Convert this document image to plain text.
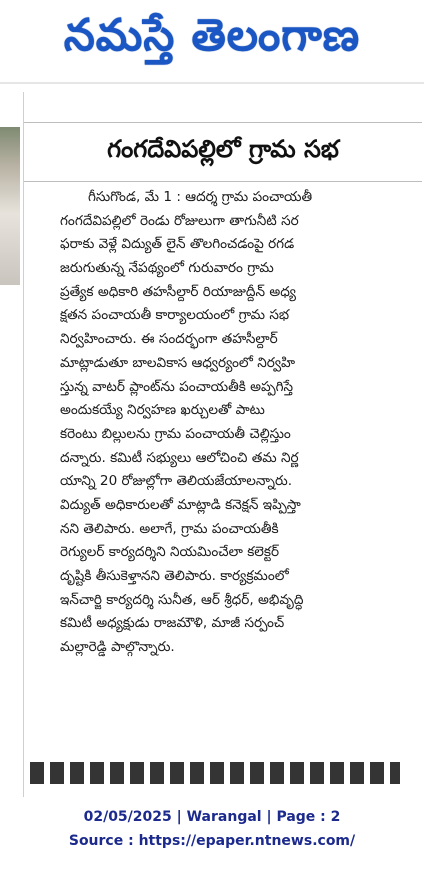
నమస్తే తెలంగాణ
గంగదేవిపల్లిలో గ్రామ సభ
గీసుగొండ, మే 1 : ఆదర్శ గ్రామ పంచాయతీ
గంగదేవిపల్లిలో రెండు రోజులుగా తాగునీటి సర
ఫరాకు వెళ్లే విద్యుత్ లైన్ తొలగించడంపై రగడ
జరుగుతున్న నేపథ్యంలో గురువారం గ్రామ
ప్రత్యేక అధికారి తహసీల్దార్ రియాజుద్దీన్ అధ్య
క్షతన పంచాయతీ కార్యాలయంలో గ్రామ సభ
నిర్వహించారు. ఈ సందర్భంగా తహసీల్దార్
మాట్లాడుతూ బాలవికాస ఆధ్వర్యంలో నిర్వహి
స్తున్న వాటర్ ప్లాంట్‌ను పంచాయతీకి అప్పగిస్తే
అందుకయ్యే నిర్వహణ ఖర్చులతో పాటు
కరెంటు బిల్లులను గ్రామ పంచాయతీ చెల్లిస్తుం
దన్నారు. కమిటీ సభ్యులు ఆలోచించి తమ నిర్ణ
యాన్ని 20 రోజుల్లోగా తెలియజేయాలన్నారు.
విద్యుత్ అధికారులతో మాట్లాడి కనెక్షన్ ఇప్పిస్తా
నని తెలిపారు. అలాగే, గ్రామ పంచాయతీకి
రెగ్యులర్ కార్యదర్శిని నియమించేలా కలెక్టర్
దృష్టికి తీసుకెళ్తానని తెలిపారు. కార్యక్రమంలో
ఇన్‌చార్జి కార్యదర్శి సునీత, ఆర్ శ్రీధర్, అభివృద్ధి
కమిటీ అధ్యక్షుడు రాజమౌళి, మాజీ సర్పంచ్
మల్లారెడ్డి పాల్గొన్నారు.
02/05/2025 | Warangal | Page : 2
Source : https://epaper.ntnews.com/
